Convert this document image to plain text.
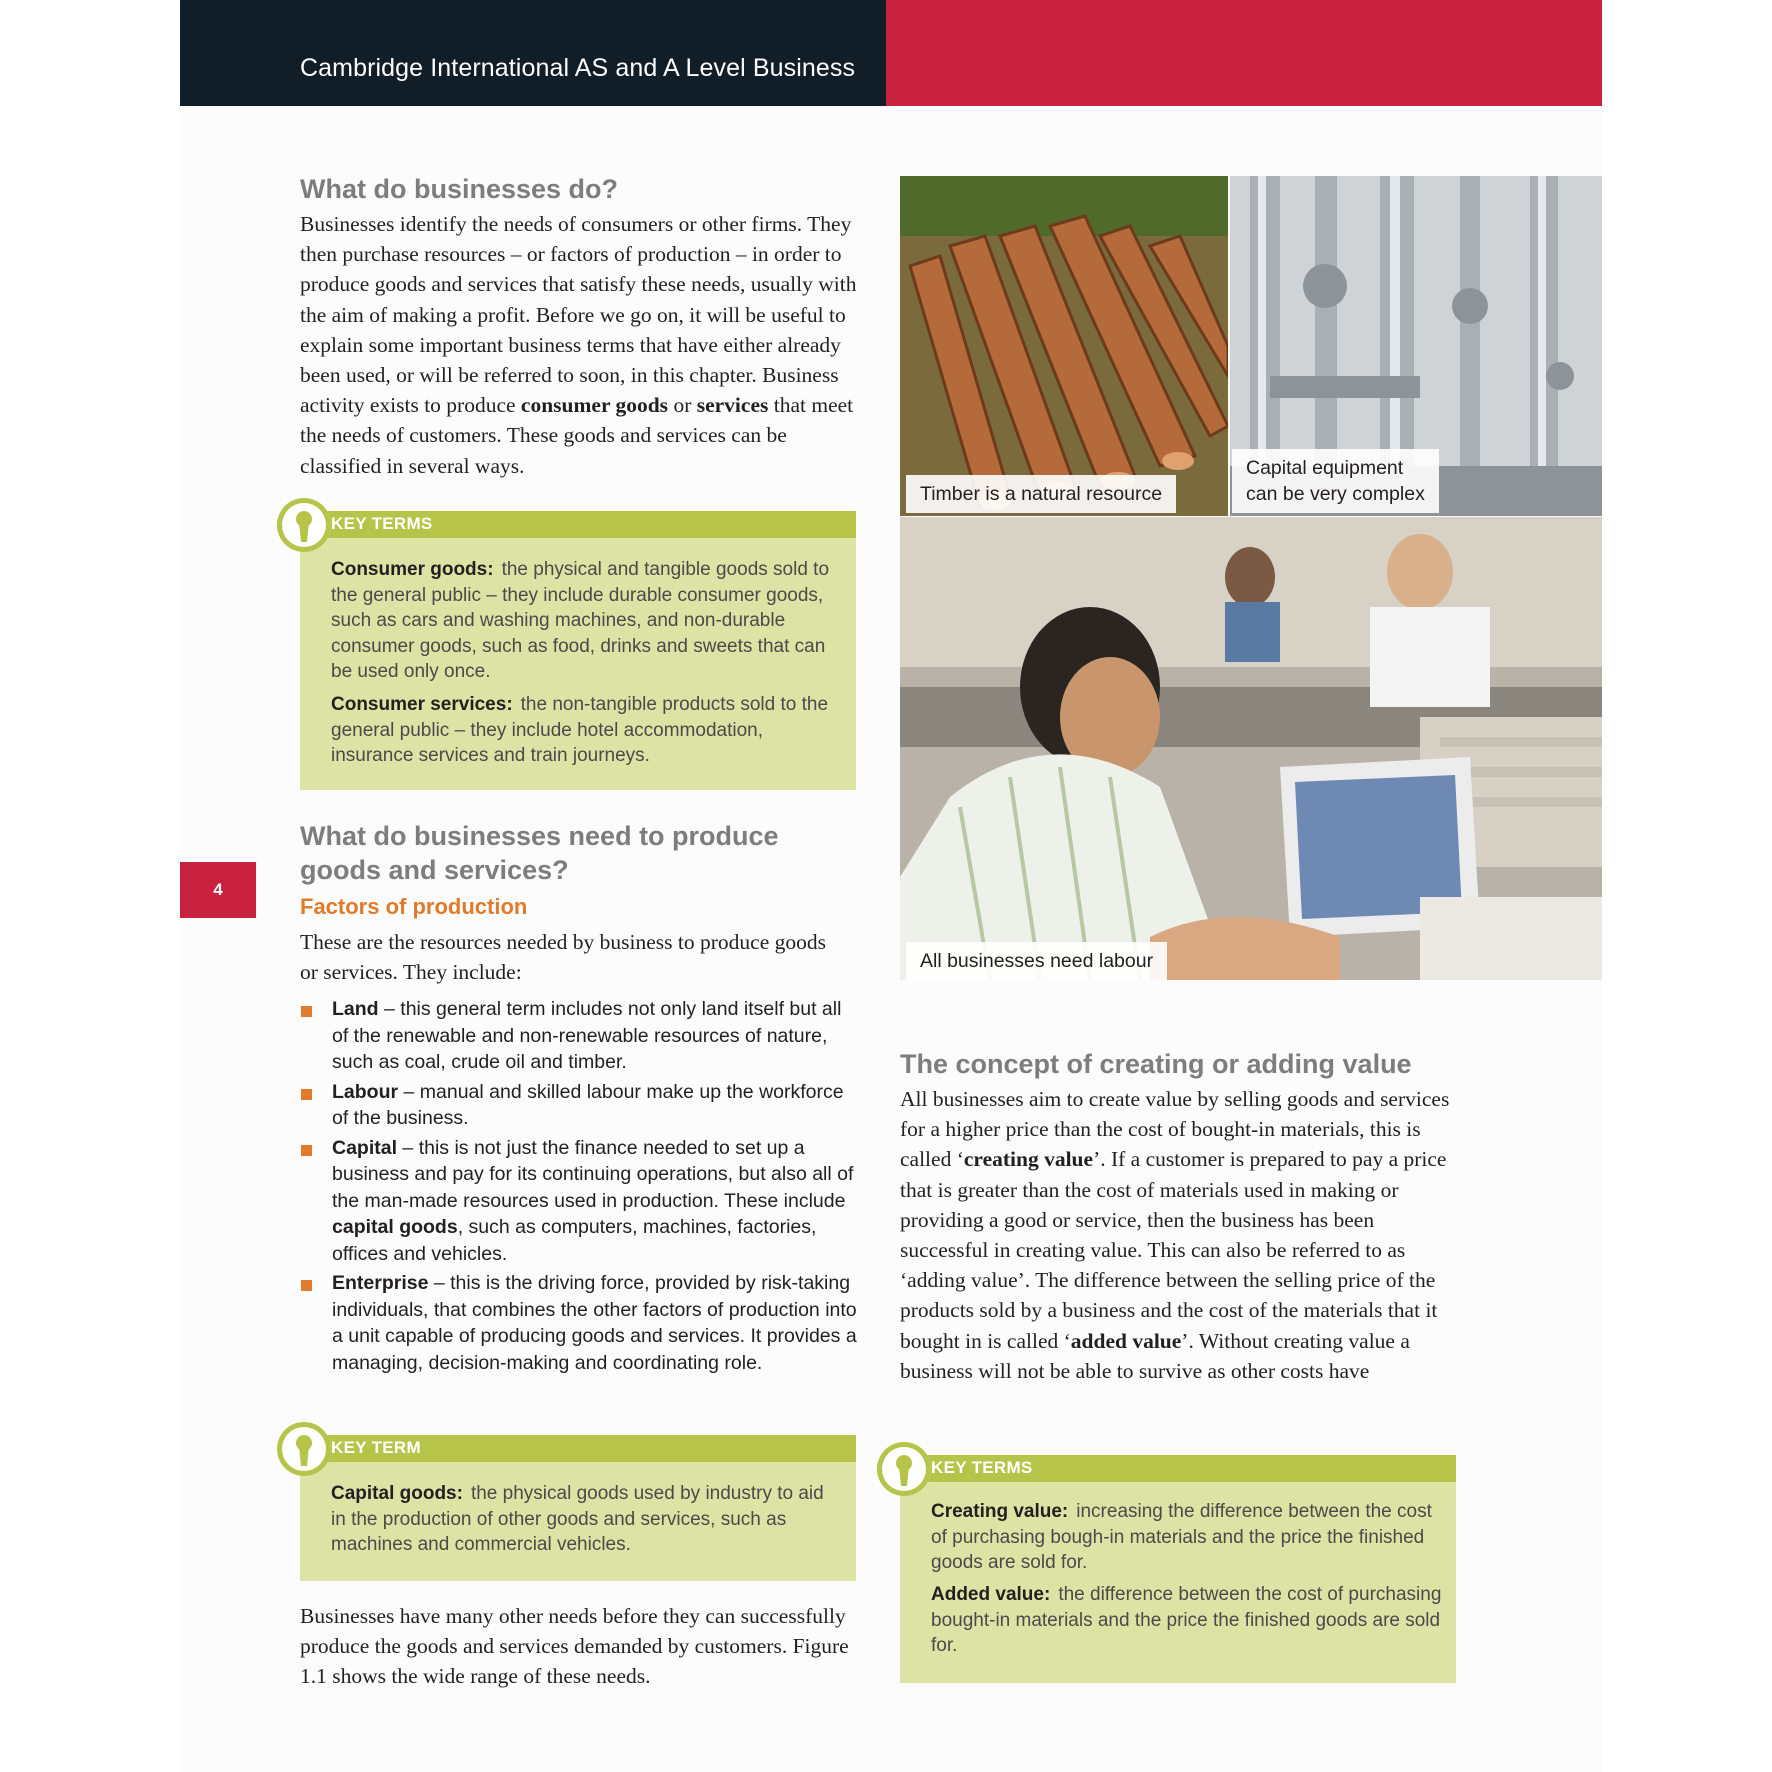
Cambridge International AS and A Level Business
4
What do businesses do?

Businesses identify the needs of consumers or other firms. They then purchase resources – or factors of production – in order to produce goods and services that satisfy these needs, usually with the aim of making a profit. Before we go on, it will be useful to explain some important business terms that have either already been used, or will be referred to soon, in this chapter. Business activity exists to produce consumer goods or services that meet the needs of customers. These goods and services can be classified in several ways.

KEY TERMS

Consumer goods: the physical and tangible goods sold to the general public – they include durable consumer goods, such as cars and washing machines, and non-durable consumer goods, such as food, drinks and sweets that can be used only once.

Consumer services: the non-tangible products sold to the general public – they include hotel accommodation, insurance services and train journeys.

What do businesses need to produce goods and services?
Factors of production

These are the resources needed by business to produce goods or services. They include:

Land – this general term includes not only land itself but all of the renewable and non-renewable resources of nature, such as coal, crude oil and timber.
Labour – manual and skilled labour make up the workforce of the business.
Capital – this is not just the finance needed to set up a business and pay for its continuing operations, but also all of the man-made resources used in production. These include capital goods, such as computers, machines, factories, offices and vehicles.
Enterprise – this is the driving force, provided by risk-taking individuals, that combines the other factors of production into a unit capable of producing goods and services. It provides a managing, decision-making and coordinating role.
KEY TERM

Capital goods: the physical goods used by industry to aid in the production of other goods and services, such as machines and commercial vehicles.

Businesses have many other needs before they can successfully produce the goods and services demanded by customers. Figure 1.1 shows the wide range of these needs.

Timber is a natural resource
Capital equipment
can be very complex
All businesses need labour
The concept of creating or adding value

All businesses aim to create value by selling goods and services for a higher price than the cost of bought-in materials, this is called ‘creating value’. If a customer is prepared to pay a price that is greater than the cost of materials used in making or providing a good or service, then the business has been successful in creating value. This can also be referred to as ‘adding value’. The difference between the selling price of the products sold by a business and the cost of the materials that it bought in is called ‘added value’. Without creating value a business will not be able to survive as other costs have

KEY TERMS

Creating value: increasing the difference between the cost of purchasing bough-in materials and the price the finished goods are sold for.

Added value: the difference between the cost of purchasing bought-in materials and the price the finished goods are sold for.
